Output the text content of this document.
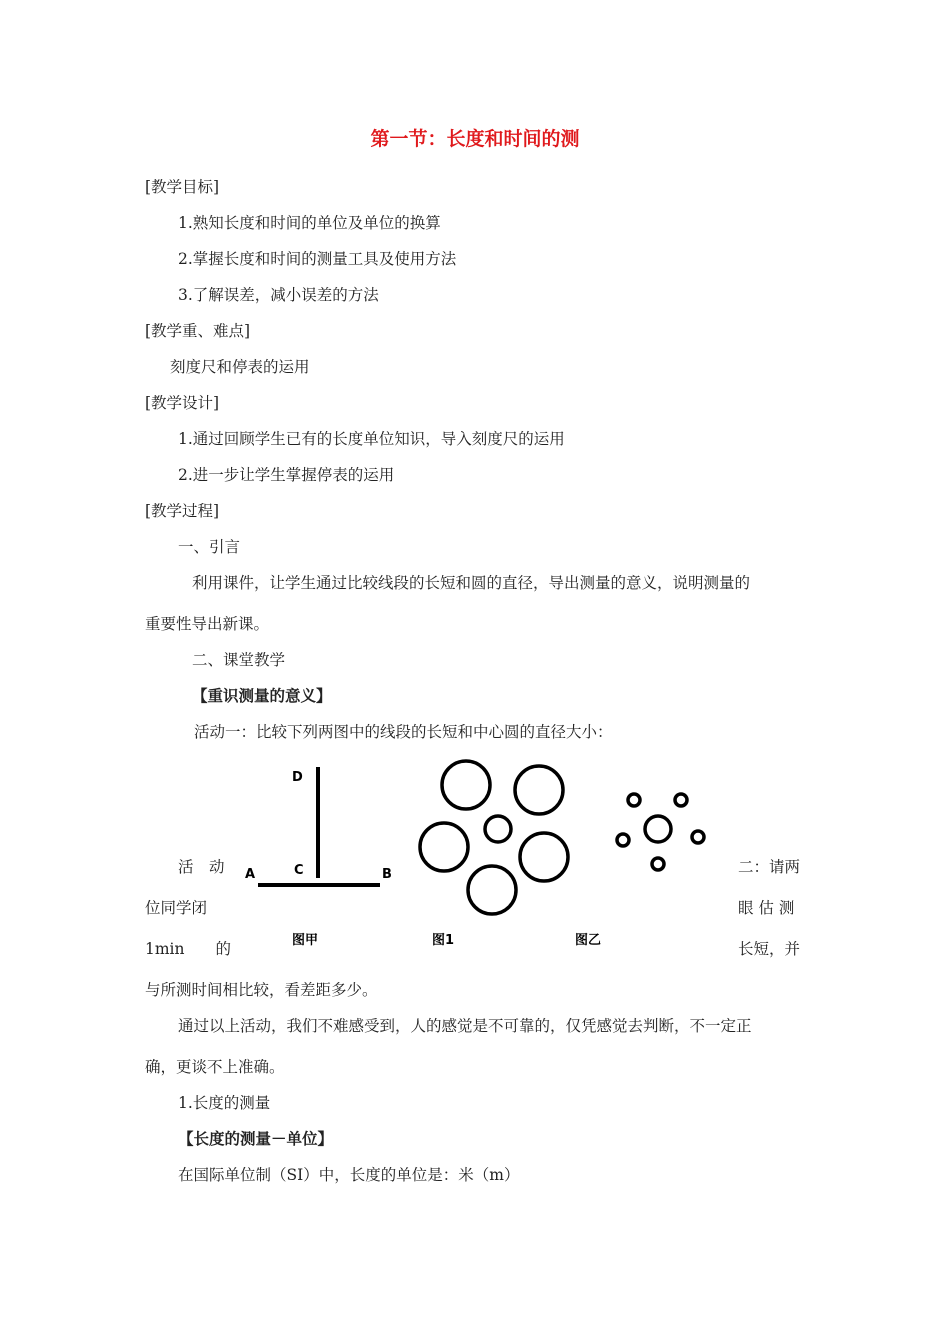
第一节：长度和时间的测
[教学目标]
1.熟知长度和时间的单位及单位的换算
2.掌握长度和时间的测量工具及使用方法
3.了解误差，减小误差的方法
[教学重、难点]
刻度尺和停表的运用
[教学设计]
1.通过回顾学生已有的长度单位知识，导入刻度尺的运用
2.进一步让学生掌握停表的运用
[教学过程]
一、引言
利用课件，让学生通过比较线段的长短和圆的直径，导出测量的意义，说明测量的
重要性导出新课。
二、课堂教学
【重识测量的意义】
活动一：比较下列两图中的线段的长短和中心圆的直径大小：
活　动
位同学闭
1min　　的
二：请两
眼 估 测
长短，并
与所测时间相比较，看差距多少。
通过以上活动，我们不难感受到，人的感觉是不可靠的，仅凭感觉去判断，不一定正
确，更谈不上准确。
1.长度的测量
【长度的测量－单位】
在国际单位制（SI）中，长度的单位是：米（m）
D
A	C	B
图甲	图1	图乙
